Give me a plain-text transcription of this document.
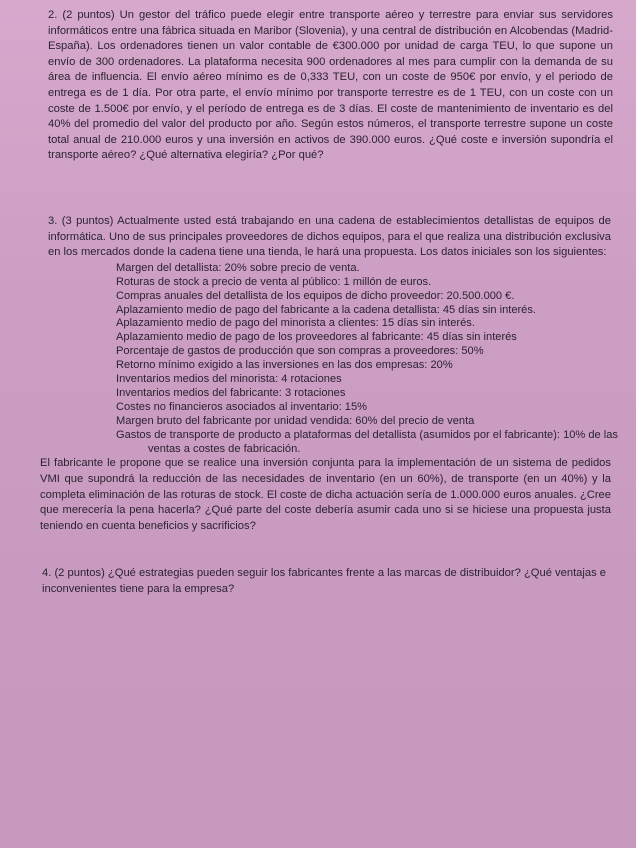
2. (2 puntos) Un gestor del tráfico puede elegir entre transporte aéreo y terrestre para enviar sus servidores informáticos entre una fábrica situada en Maribor (Slovenia), y una central de distribución en Alcobendas (Madrid-España). Los ordenadores tienen un valor contable de €300.000 por unidad de carga TEU, lo que supone un envío de 300 ordenadores. La plataforma necesita 900 ordenadores al mes para cumplir con la demanda de su área de influencia. El envío aéreo mínimo es de 0,333 TEU, con un coste de 950€ por envío, y el periodo de entrega es de 1 día. Por otra parte, el envío mínimo por transporte terrestre es de 1 TEU, con un coste con un coste de 1.500€ por envío, y el período de entrega es de 3 días. El coste de mantenimiento de inventario es del 40% del promedio del valor del producto por año. Según estos números, el transporte terrestre supone un coste total anual de 210.000 euros y una inversión en activos de 390.000 euros. ¿Qué coste e inversión supondría el transporte aéreo? ¿Qué alternativa elegiría? ¿Por qué?
3. (3 puntos) Actualmente usted está trabajando en una cadena de establecimientos detallistas de equipos de informática. Uno de sus principales proveedores de dichos equipos, para el que realiza una distribución exclusiva en los mercados donde la cadena tiene una tienda, le hará una propuesta. Los datos iniciales son los siguientes:
Margen del detallista: 20% sobre precio de venta.
Roturas de stock a precio de venta al público: 1 millón de euros.
Compras anuales del detallista de los equipos de dicho proveedor: 20.500.000 €.
Aplazamiento medio de pago del fabricante a la cadena detallista: 45 días sin interés.
Aplazamiento medio de pago del minorista a clientes: 15 días sin interés.
Aplazamiento medio de pago de los proveedores al fabricante: 45 días sin interés
Porcentaje de gastos de producción que son compras a proveedores: 50%
Retorno mínimo exigido a las inversiones en las dos empresas: 20%
Inventarios medios del minorista: 4 rotaciones
Inventarios medios del fabricante: 3 rotaciones
Costes no financieros asociados al inventario: 15%
Margen bruto del fabricante por unidad vendida: 60% del precio de venta
Gastos de transporte de producto a plataformas del detallista (asumidos por el fabricante): 10% de las
ventas a costes de fabricación.
El fabricante le propone que se realice una inversión conjunta para la implementación de un sistema de pedidos VMI que supondrá la reducción de las necesidades de inventario (en un 60%), de transporte (en un 40%) y la completa eliminación de las roturas de stock. El coste de dicha actuación sería de 1.000.000 euros anuales. ¿Cree que merecería la pena hacerla? ¿Qué parte del coste debería asumir cada uno si se hiciese una propuesta justa teniendo en cuenta beneficios y sacrificios?
4. (2 puntos) ¿Qué estrategias pueden seguir los fabricantes frente a las marcas de distribuidor? ¿Qué ventajas e inconvenientes tiene para la empresa?
